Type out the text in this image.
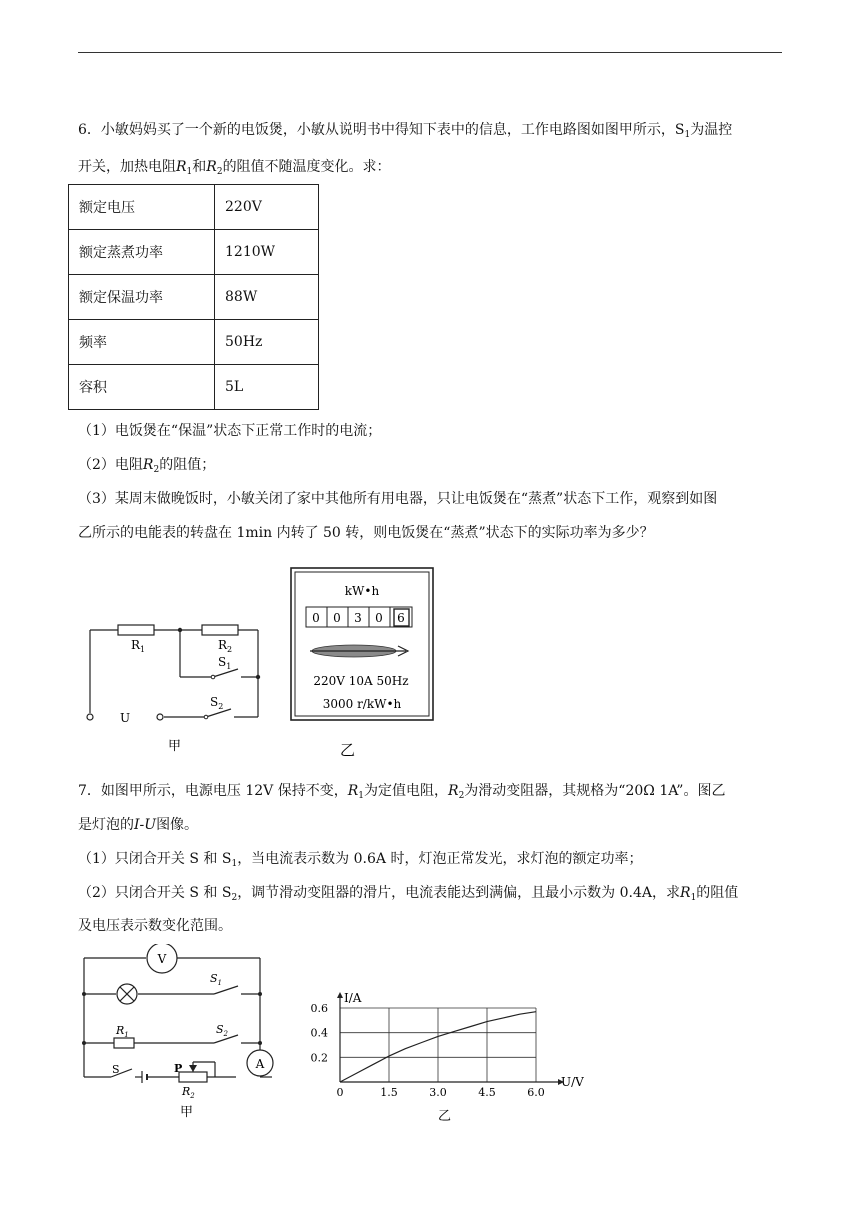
6．小敏妈妈买了一个新的电饭煲，小敏从说明书中得知下表中的信息，工作电路图如图甲所示，$S_1$为温控
开关，加热电阻$R_1$和$R_2$的阻值不随温度变化。求：
额定电压	220V
额定蒸煮功率	1210W
额定保温功率	88W
频率	50Hz
容积	5L
（1）电饭煲在“保温”状态下正常工作时的电流；
（2）电阻$R_2$的阻值；
（3）某周末做晚饭时，小敏关闭了家中其他所有用电器，只让电饭煲在“蒸煮”状态下工作，观察到如图
乙所示的电能表的转盘在 1min 内转了 50 转，则电饭煲在“蒸煮”状态下的实际功率为多少？
$R_1$	$R_2$
$S_1$
$S_2$
U
甲
kW•h
0 0 3 0 6
220V 10A 50Hz
3000 r/kW•h
乙
7．如图甲所示，电源电压 12V 保持不变，$R_1$为定值电阻，$R_2$为滑动变阻器，其规格为“20Ω 1A”。图乙
是灯泡的I-U图像。
（1）只闭合开关 S 和 $S_1$，当电流表示数为 0.6A 时，灯泡正常发光，求灯泡的额定功率；
（2）只闭合开关 S 和 $S_2$，调节滑动变阻器的滑片，电流表能达到满偏，且最小示数为 0.4A，求$R_1$的阻值
及电压表示数变化范围。
V
A
$S_1$
$S_2$
$R_1$
S	P
$R_2$
甲
0	1.5	3.0	4.5	6.0
0.2
0.4
0.6
I/A
U/V
乙
